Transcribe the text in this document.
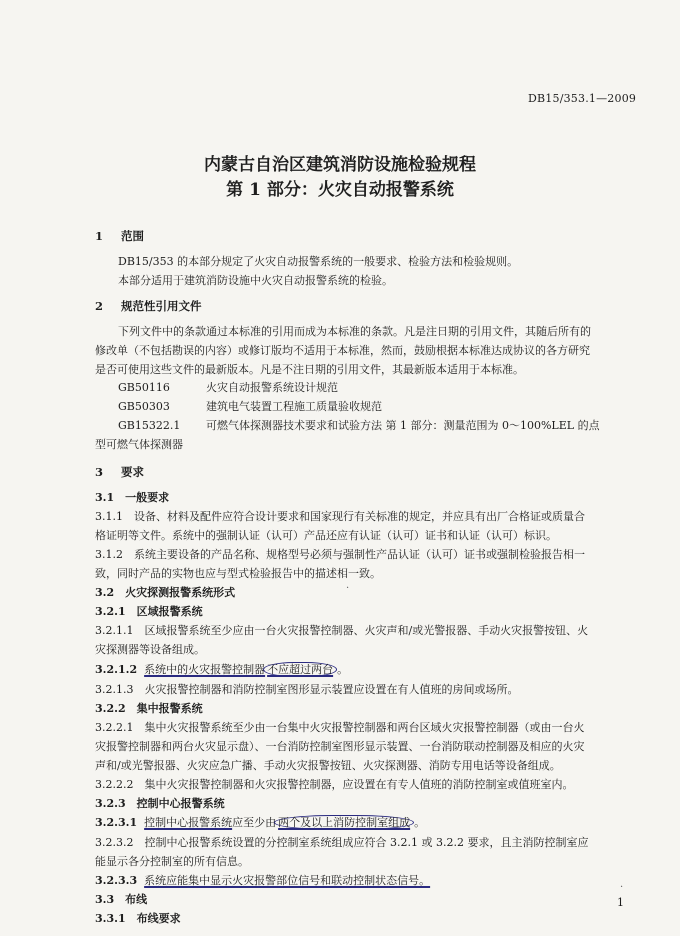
DB15/353.1—2009
内蒙古自治区建筑消防设施检验规程
第 1 部分：火灾自动报警系统
1 范围
DB15/353 的本部分规定了火灾自动报警系统的一般要求、检验方法和检验规则。
本部分适用于建筑消防设施中火灾自动报警系统的检验。
2 规范性引用文件
下列文件中的条款通过本标准的引用而成为本标准的条款。凡是注日期的引用文件，其随后所有的
修改单（不包括勘误的内容）或修订版均不适用于本标准，然而，鼓励根据本标准达成协议的各方研究
是否可使用这些文件的最新版本。凡是不注日期的引用文件，其最新版本适用于本标准。
GB50116	火灾自动报警系统设计规范
GB50303	建筑电气装置工程施工质量验收规范
GB15322.1 可燃气体探测器技术要求和试验方法 第 1 部分：测量范围为 0～100%LEL 的点
型可燃气体探测器
3 要求
3.1　一般要求
3.1.1　设备、材料及配件应符合设计要求和国家现行有关标准的规定，并应具有出厂合格证或质量合
格证明等文件。系统中的强制认证（认可）产品还应有认证（认可）证书和认证（认可）标识。
3.1.2　系统主要设备的产品名称、规格型号必须与强制性产品认证（认可）证书或强制检验报告相一
致，同时产品的实物也应与型式检验报告中的描述相一致。
3.2　火灾探测报警系统形式
3.2.1　区域报警系统
3.2.1.1　区域报警系统至少应由一台火灾报警控制器、火灾声和/或光警报器、手动火灾报警按钮、火
灾探测器等设备组成。
3.2.1.2 系统中的火灾报警控制器 不应超过两台 。
3.2.1.3　火灾报警控制器和消防控制室图形显示装置应设置在有人值班的房间或场所。
3.2.2　集中报警系统
3.2.2.1　集中火灾报警系统至少由一台集中火灾报警控制器和两台区域火灾报警控制器（或由一台火
灾报警控制器和两台火灾显示盘）、一台消防控制室图形显示装置、一台消防联动控制器及相应的火灾
声和/或光警报器、火灾应急广播、手动火灾报警按钮、火灾探测器、消防专用电话等设备组成。
3.2.2.2　集中火灾报警控制器和火灾报警控制器，应设置在有专人值班的消防控制室或值班室内。
3.2.3　控制中心报警系统
3.2.3.1 控制中心报警系统应至少由 两个及以上消防控制室组成 。
3.2.3.2　控制中心报警系统设置的分控制室系统组成应符合 3.2.1 或 3.2.2 要求，且主消防控制室应
能显示各分控制室的所有信息。
3.2.3.3 系统应能集中显示火灾报警部位信号和联动控制状态信号。
3.3　布线
3.3.1　布线要求
1
·
·
